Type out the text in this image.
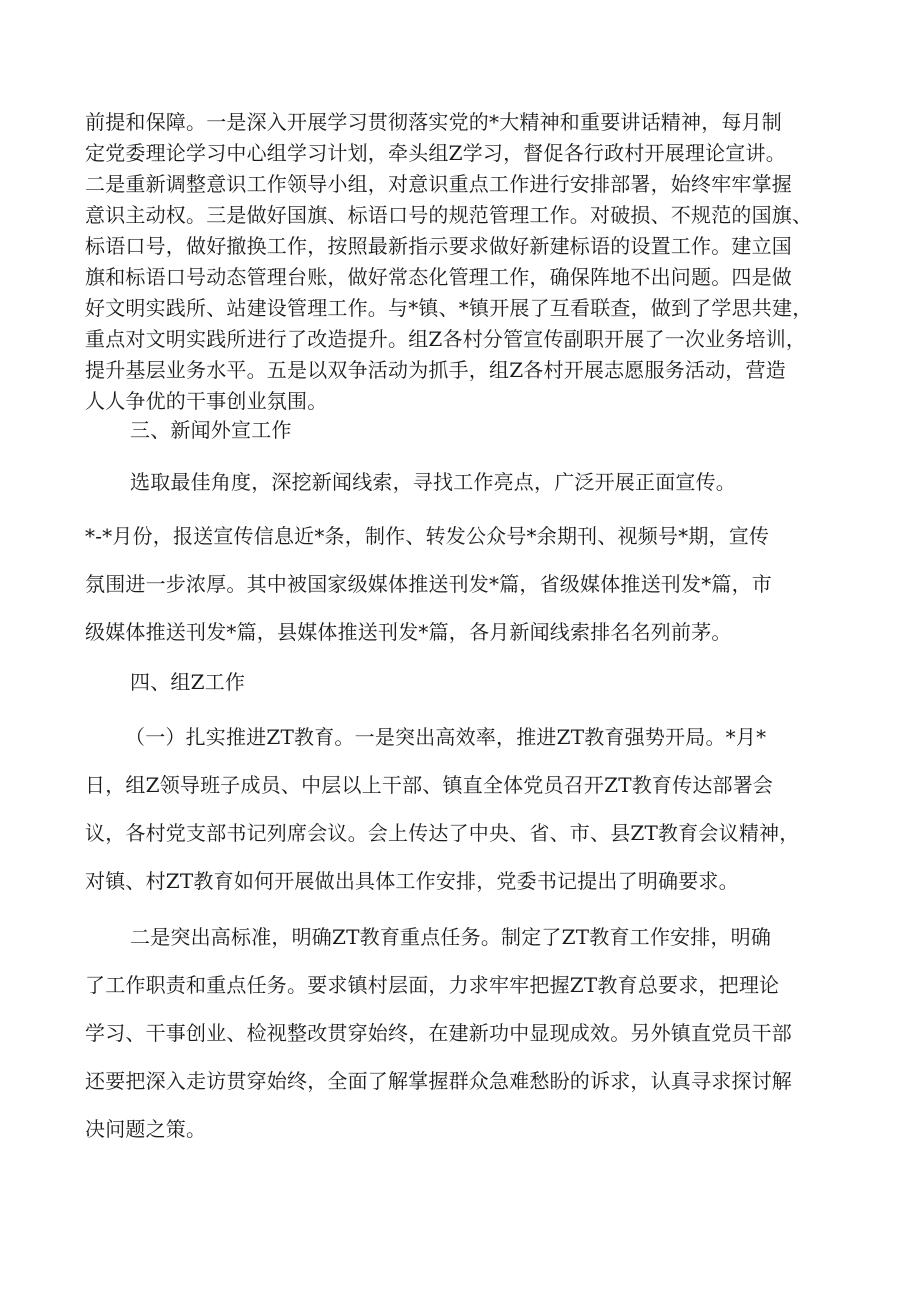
前提和保障。一是深入开展学习贯彻落实党的*大精神和重要讲话精神，每月制
定党委理论学习中心组学习计划，牵头组Z学习，督促各行政村开展理论宣讲。
二是重新调整意识工作领导小组，对意识重点工作进行安排部署，始终牢牢掌握
意识主动权。三是做好国旗、标语口号的规范管理工作。对破损、不规范的国旗、
标语口号，做好撤换工作，按照最新指示要求做好新建标语的设置工作。建立国
旗和标语口号动态管理台账，做好常态化管理工作，确保阵地不出问题。四是做
好文明实践所、站建设管理工作。与*镇、*镇开展了互看联查，做到了学思共建，
重点对文明实践所进行了改造提升。组Z各村分管宣传副职开展了一次业务培训，
提升基层业务水平。五是以双争活动为抓手，组Z各村开展志愿服务活动，营造
人人争优的干事创业氛围。
三、新闻外宣工作
选取最佳角度，深挖新闻线索，寻找工作亮点，广泛开展正面宣传。
*-*月份，报送宣传信息近*条，制作、转发公众号*余期刊、视频号*期，宣传
氛围进一步浓厚。其中被国家级媒体推送刊发*篇，省级媒体推送刊发*篇，市
级媒体推送刊发*篇，县媒体推送刊发*篇，各月新闻线索排名名列前茅。
四、组Z工作
（一）扎实推进ZT教育。一是突出高效率，推进ZT教育强势开局。*月*
日，组Z领导班子成员、中层以上干部、镇直全体党员召开ZT教育传达部署会
议，各村党支部书记列席会议。会上传达了中央、省、市、县ZT教育会议精神，
对镇、村ZT教育如何开展做出具体工作安排，党委书记提出了明确要求。
二是突出高标准，明确ZT教育重点任务。制定了ZT教育工作安排，明确
了工作职责和重点任务。要求镇村层面，力求牢牢把握ZT教育总要求，把理论
学习、干事创业、检视整改贯穿始终，在建新功中显现成效。另外镇直党员干部
还要把深入走访贯穿始终，全面了解掌握群众急难愁盼的诉求，认真寻求探讨解
决问题之策。
